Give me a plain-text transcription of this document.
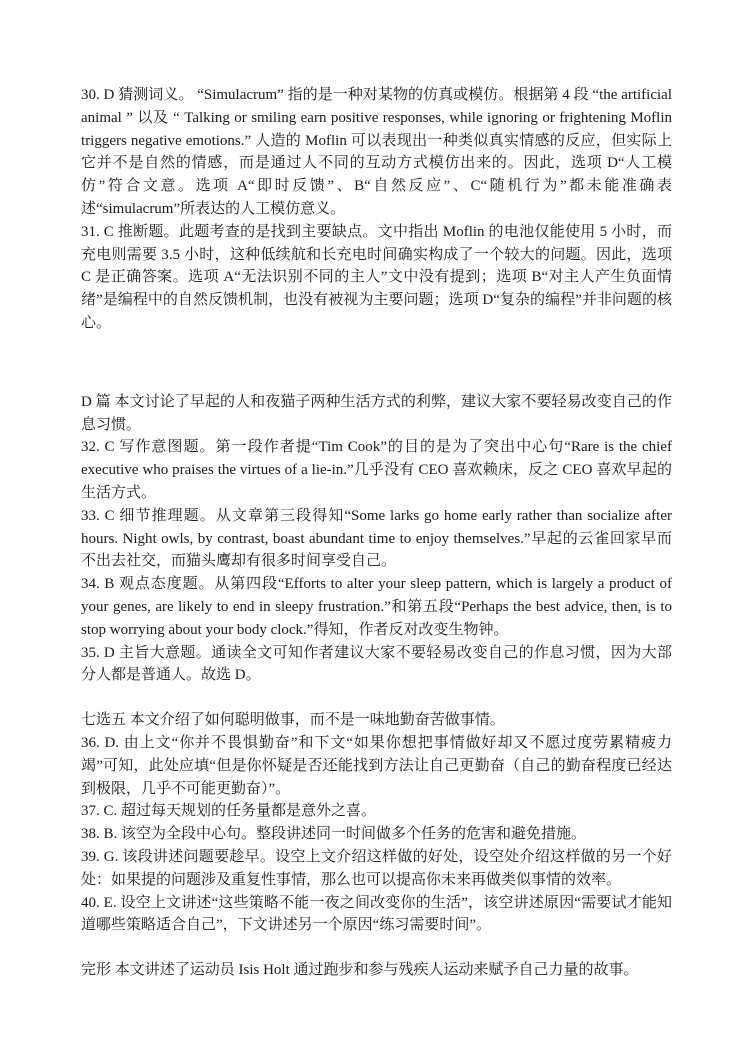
30. D 猜测词义。 “Simulacrum” 指的是一种对某物的仿真或模仿。根据第 4 段 “the artificial animal ” 以及 “ Talking or smiling earn positive responses, while ignoring or frightening Moflin triggers negative emotions.” 人造的 Moflin 可以表现出一种类似真实情感的反应，但实际上它并不是自然的情感，而是通过人不同的互动方式模仿出来的。因此，选项 D“人工模仿”符合文意。选项 A“即时反馈”、B“自然反应”、C“随机行为”都未能准确表述“simulacrum”所表达的人工模仿意义。

31. C 推断题。此题考查的是找到主要缺点。文中指出 Moflin 的电池仅能使用 5 小时，而充电则需要 3.5 小时，这种低续航和长充电时间确实构成了一个较大的问题。因此，选项 C 是正确答案。选项 A“无法识别不同的主人”文中没有提到；选项 B“对主人产生负面情绪”是编程中的自然反馈机制，也没有被视为主要问题；选项 D“复杂的编程”并非问题的核心。

D 篇 本文讨论了早起的人和夜猫子两种生活方式的利弊，建议大家不要轻易改变自己的作息习惯。

32. C 写作意图题。第一段作者提“Tim Cook”的目的是为了突出中心句“Rare is the chief executive who praises the virtues of a lie-in.”几乎没有 CEO 喜欢赖床，反之 CEO 喜欢早起的生活方式。

33. C 细节推理题。从文章第三段得知“Some larks go home early rather than socialize after hours. Night owls, by contrast, boast abundant time to enjoy themselves.”早起的云雀回家早而不出去社交，而猫头鹰却有很多时间享受自己。

34. B 观点态度题。从第四段“Efforts to alter your sleep pattern, which is largely a product of your genes, are likely to end in sleepy frustration.”和第五段“Perhaps the best advice, then, is to stop worrying about your body clock.”得知，作者反对改变生物钟。

35. D 主旨大意题。通读全文可知作者建议大家不要轻易改变自己的作息习惯，因为大部分人都是普通人。故选 D。

七选五 本文介绍了如何聪明做事，而不是一味地勤奋苦做事情。

36. D. 由上文“你并不畏惧勤奋”和下文“如果你想把事情做好却又不愿过度劳累精疲力竭”可知，此处应填“但是你怀疑是否还能找到方法让自己更勤奋（自己的勤奋程度已经达到极限，几乎不可能更勤奋）”。

37. C. 超过每天规划的任务量都是意外之喜。

38. B. 该空为全段中心句。整段讲述同一时间做多个任务的危害和避免措施。

39. G. 该段讲述问题要趁早。设空上文介绍这样做的好处，设空处介绍这样做的另一个好处：如果提的问题涉及重复性事情，那么也可以提高你未来再做类似事情的效率。

40. E. 设空上文讲述“这些策略不能一夜之间改变你的生活”，该空讲述原因“需要试才能知道哪些策略适合自己”，下文讲述另一个原因“练习需要时间”。

完形 本文讲述了运动员 Isis Holt 通过跑步和参与残疾人运动来赋予自己力量的故事。
